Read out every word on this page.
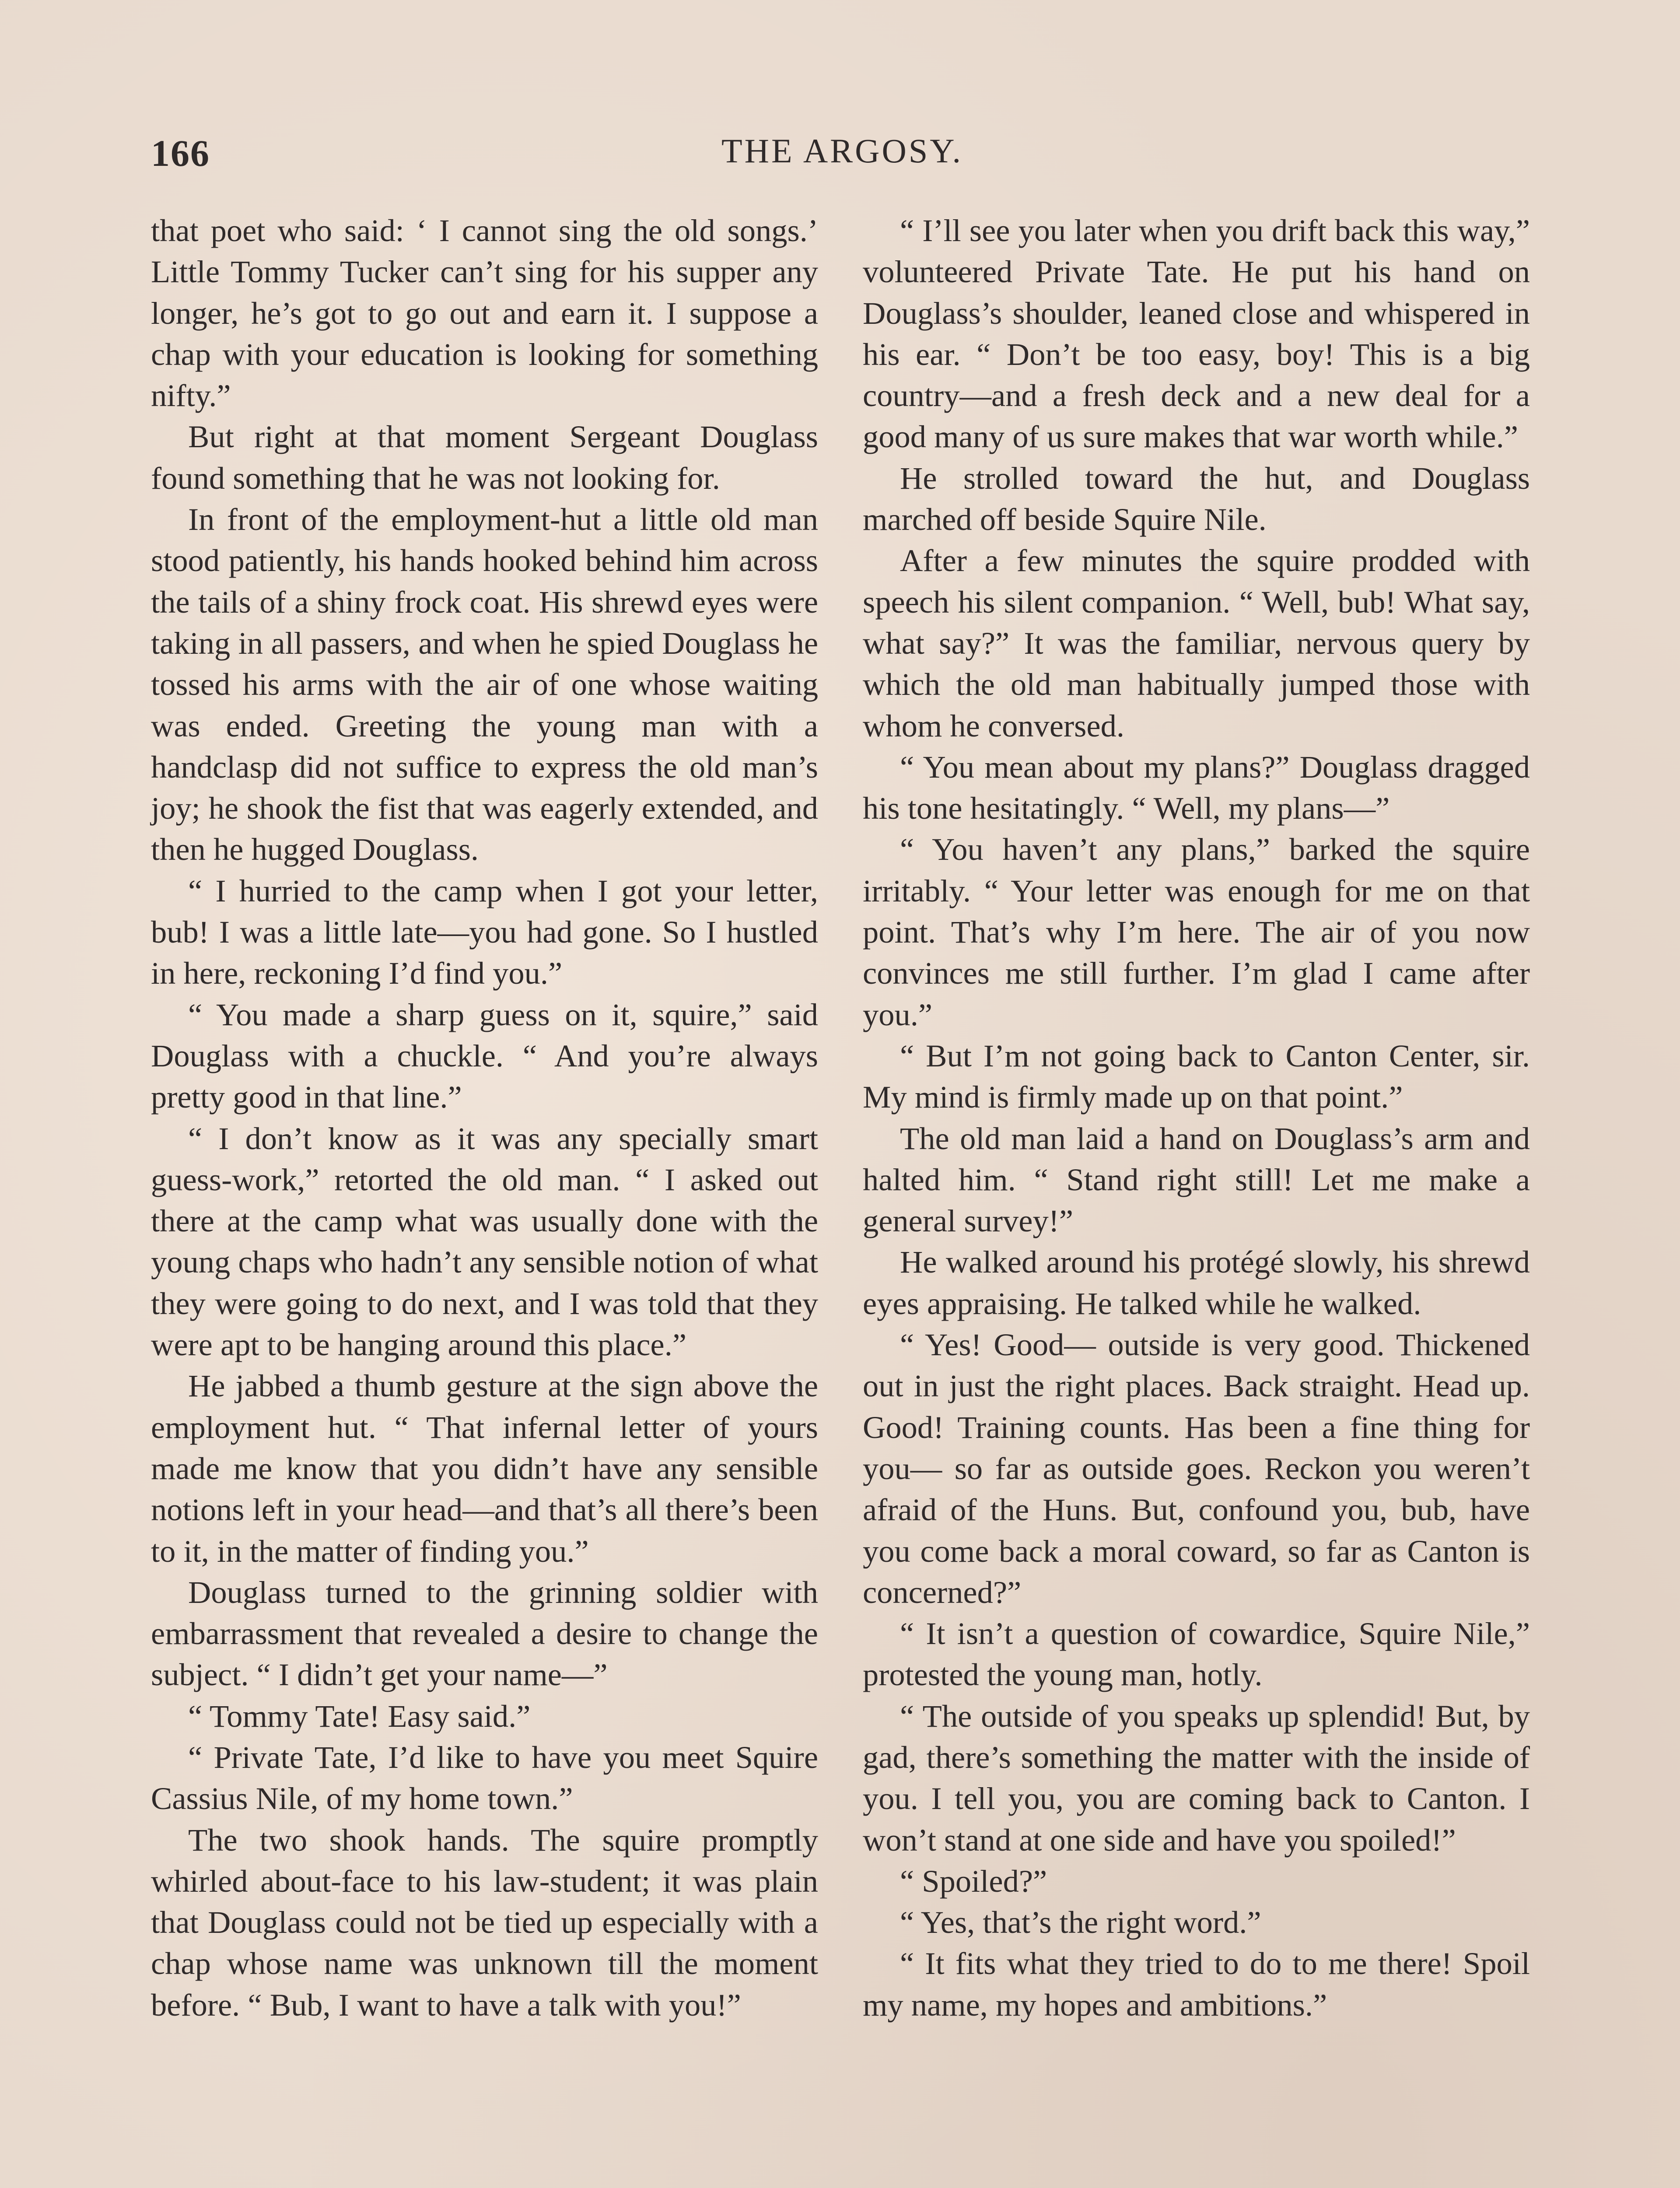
166	THE ARGOSY.

that poet who said: ‘ I cannot sing the old songs.’ Little Tommy Tucker can’t sing for his supper any longer, he’s got to go out and earn it. I suppose a chap with your education is looking for something nifty.”

But right at that moment Sergeant Douglass found something that he was not looking for.

In front of the employment-hut a little old man stood patiently, his hands hooked behind him across the tails of a shiny frock coat. His shrewd eyes were taking in all passers, and when he spied Douglass he tossed his arms with the air of one whose waiting was ended. Greeting the young man with a handclasp did not suffice to express the old man’s joy; he shook the fist that was eagerly extended, and then he hugged Douglass.

“ I hurried to the camp when I got your letter, bub! I was a little late—you had gone. So I hustled in here, reckoning I’d find you.”

“ You made a sharp guess on it, squire,” said Douglass with a chuckle. “ And you’re always pretty good in that line.”

“ I don’t know as it was any specially smart guess-work,” retorted the old man. “ I asked out there at the camp what was usually done with the young chaps who hadn’t any sensible notion of what they were going to do next, and I was told that they were apt to be hanging around this place.”

He jabbed a thumb gesture at the sign above the employment hut. “ That infernal letter of yours made me know that you didn’t have any sensible notions left in your head—and that’s all there’s been to it, in the matter of finding you.”

Douglass turned to the grinning soldier with embarrassment that revealed a desire to change the subject. “ I didn’t get your name—”

“ Tommy Tate! Easy said.”

“ Private Tate, I’d like to have you meet Squire Cassius Nile, of my home town.”

The two shook hands. The squire promptly whirled about-face to his law-student; it was plain that Douglass could not be tied up especially with a chap whose name was unknown till the moment before. “ Bub, I want to have a talk with you!”

“ I’ll see you later when you drift back this way,” volunteered Private Tate. He put his hand on Douglass’s shoulder, leaned close and whispered in his ear. “ Don’t be too easy, boy! This is a big country—and a fresh deck and a new deal for a good many of us sure makes that war worth while.”

He strolled toward the hut, and Douglass marched off beside Squire Nile.

After a few minutes the squire prodded with speech his silent companion. “ Well, bub! What say, what say?” It was the familiar, nervous query by which the old man habitually jumped those with whom he conversed.

“ You mean about my plans?” Douglass dragged his tone hesitatingly. “ Well, my plans—”

“ You haven’t any plans,” barked the squire irritably. “ Your letter was enough for me on that point. That’s why I’m here. The air of you now convinces me still further. I’m glad I came after you.”

“ But I’m not going back to Canton Center, sir. My mind is firmly made up on that point.”

The old man laid a hand on Douglass’s arm and halted him. “ Stand right still! Let me make a general survey!”

He walked around his protégé slowly, his shrewd eyes appraising. He talked while he walked.

“ Yes! Good— outside is very good. Thickened out in just the right places. Back straight. Head up. Good! Training counts. Has been a fine thing for you— so far as outside goes. Reckon you weren’t afraid of the Huns. But, confound you, bub, have you come back a moral coward, so far as Canton is concerned?”

“ It isn’t a question of cowardice, Squire Nile,” protested the young man, hotly.

“ The outside of you speaks up splendid! But, by gad, there’s something the matter with the inside of you. I tell you, you are coming back to Canton. I won’t stand at one side and have you spoiled!”

“ Spoiled?”

“ Yes, that’s the right word.”

“ It fits what they tried to do to me there! Spoil my name, my hopes and ambitions.”
